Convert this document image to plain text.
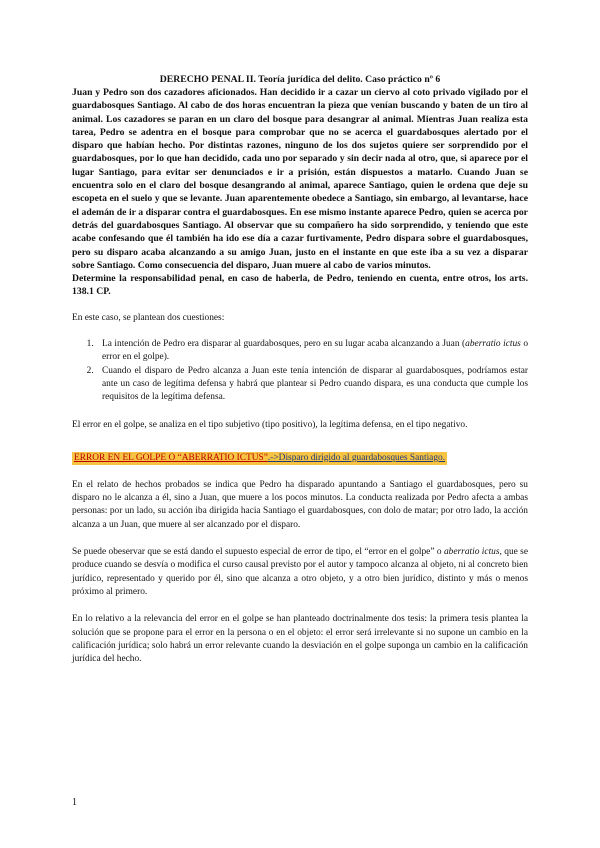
DERECHO PENAL II. Teoría jurídica del delito. Caso práctico nº 6

Juan y Pedro son dos cazadores aficionados. Han decidido ir a cazar un ciervo al coto privado vigilado por el guardabosques Santiago. Al cabo de dos horas encuentran la pieza que venían buscando y baten de un tiro al animal. Los cazadores se paran en un claro del bosque para desangrar al animal. Mientras Juan realiza esta tarea, Pedro se adentra en el bosque para comprobar que no se acerca el guardabosques alertado por el disparo que habían hecho. Por distintas razones, ninguno de los dos sujetos quiere ser sorprendido por el guardabosques, por lo que han decidido, cada uno por separado y sin decir nada al otro, que, si aparece por el lugar Santiago, para evitar ser denunciados e ir a prisión, están dispuestos a matarlo. Cuando Juan se encuentra solo en el claro del bosque desangrando al animal, aparece Santiago, quien le ordena que deje su escopeta en el suelo y que se levante. Juan aparentemente obedece a Santiago, sin embargo, al levantarse, hace el ademán de ir a disparar contra el guardabosques. En ese mismo instante aparece Pedro, quien se acerca por detrás del guardabosques Santiago. Al observar que su compañero ha sido sorprendido, y teniendo que este acabe confesando que él también ha ido ese día a cazar furtivamente, Pedro dispara sobre el guardabosques, pero su disparo acaba alcanzando a su amigo Juan, justo en el instante en que este iba a su vez a disparar sobre Santiago. Como consecuencia del disparo, Juan muere al cabo de varios minutos.

Determine la responsabilidad penal, en caso de haberla, de Pedro, teniendo en cuenta, entre otros, los arts. 138.1 CP.

En este caso, se plantean dos cuestiones:

1. La intención de Pedro era disparar al guardabosques, pero en su lugar acaba alcanzando a Juan (aberratio ictus o error en el golpe).
2. Cuando el disparo de Pedro alcanza a Juan este tenía intención de disparar al guardabosques, podríamos estar ante un caso de legítima defensa y habrá que plantear si Pedro cuando dispara, es una conducta que cumple los requisitos de la legítima defensa.

El error en el golpe, se analiza en el tipo subjetivo (tipo positivo), la legítima defensa, en el tipo negativo.

ERROR EN EL GOLPE O “ABERRATIO ICTUS”.->Disparo dirigido al guardabosques Santiago.

En el relato de hechos probados se indica que Pedro ha disparado apuntando a Santiago el guardabosques, pero su disparo no le alcanza a él, sino a Juan, que muere a los pocos minutos. La conducta realizada por Pedro afecta a ambas personas: por un lado, su acción iba dirigida hacia Santiago el guardabosques, con dolo de matar; por otro lado, la acción alcanza a un Juan, que muere al ser alcanzado por el disparo.

Se puede obeservar que se está dando el supuesto especial de error de tipo, el “error en el golpe” o aberratio ictus, que se produce cuando se desvía o modifica el curso causal previsto por el autor y tampoco alcanza al objeto, ni al concreto bien jurídico, representado y querido por él, sino que alcanza a otro objeto, y a otro bien jurídico, distinto y más o menos próximo al primero.

En lo relativo a la relevancia del error en el golpe se han planteado doctrinalmente dos tesis: la primera tesis plantea la solución que se propone para el error en la persona o en el objeto: el error será irrelevante si no supone un cambio en la calificación jurídica; solo habrá un error relevante cuando la desviación en el golpe suponga un cambio en la calificación jurídica del hecho.

1
